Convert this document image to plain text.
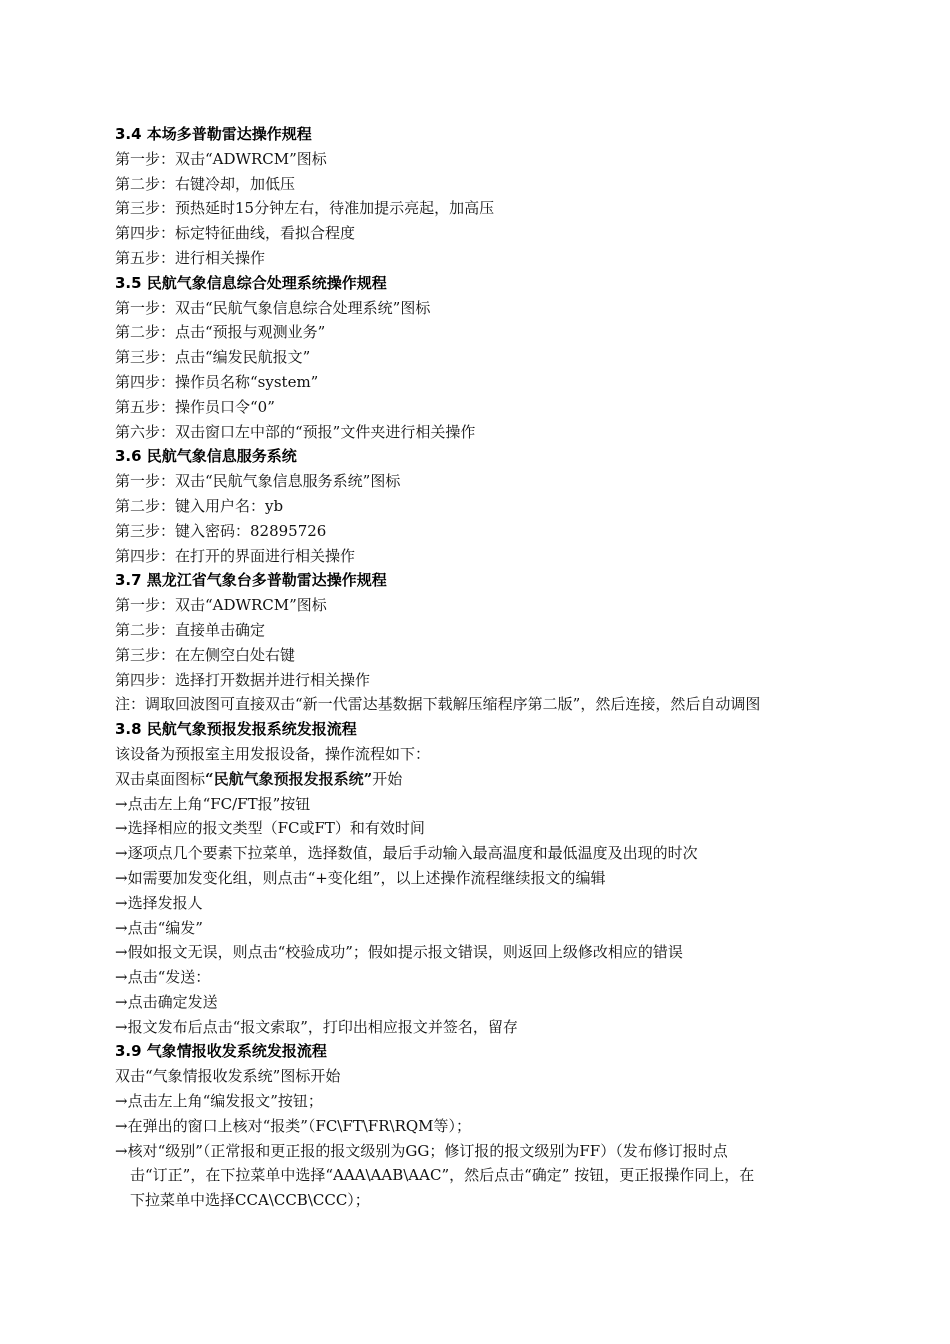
3.4 本场多普勒雷达操作规程
第一步：双击“ADWRCM”图标
第二步：右键冷却，加低压
第三步：预热延时15分钟左右，待准加提示亮起，加高压
第四步：标定特征曲线，看拟合程度
第五步：进行相关操作
3.5 民航气象信息综合处理系统操作规程
第一步：双击“民航气象信息综合处理系统”图标
第二步：点击“预报与观测业务”
第三步：点击“编发民航报文”
第四步：操作员名称“system”
第五步：操作员口令“0”
第六步：双击窗口左中部的“预报”文件夹进行相关操作
3.6 民航气象信息服务系统
第一步：双击“民航气象信息服务系统”图标
第二步：键入用户名：yb
第三步：键入密码：82895726
第四步：在打开的界面进行相关操作
3.7 黑龙江省气象台多普勒雷达操作规程
第一步：双击“ADWRCM”图标
第二步：直接单击确定
第三步：在左侧空白处右键
第四步：选择打开数据并进行相关操作
注：调取回波图可直接双击“新一代雷达基数据下载解压缩程序第二版”，然后连接，然后自动调图
3.8 民航气象预报发报系统发报流程
该设备为预报室主用发报设备，操作流程如下：
双击桌面图标“民航气象预报发报系统”开始
→点击左上角“FC/FT报”按钮
→选择相应的报文类型（FC或FT）和有效时间
→逐项点几个要素下拉菜单，选择数值，最后手动输入最高温度和最低温度及出现的时次
→如需要加发变化组，则点击“+变化组”，以上述操作流程继续报文的编辑
→选择发报人
→点击“编发”
→假如报文无误，则点击“校验成功”；假如提示报文错误，则返回上级修改相应的错误
→点击“发送：
→点击确定发送
→报文发布后点击“报文索取”，打印出相应报文并签名，留存
3.9 气象情报收发系统发报流程
双击“气象情报收发系统”图标开始
→点击左上角“编发报文”按钮；
→在弹出的窗口上核对“报类”（FC\FT\FR\RQM等）；
→核对“级别”（正常报和更正报的报文级别为GG；修订报的报文级别为FF）（发布修订报时点
击“订正”，在下拉菜单中选择“AAA\AAB\AAC”，然后点击“确定” 按钮，更正报操作同上，在
下拉菜单中选择CCA\CCB\CCC）；
